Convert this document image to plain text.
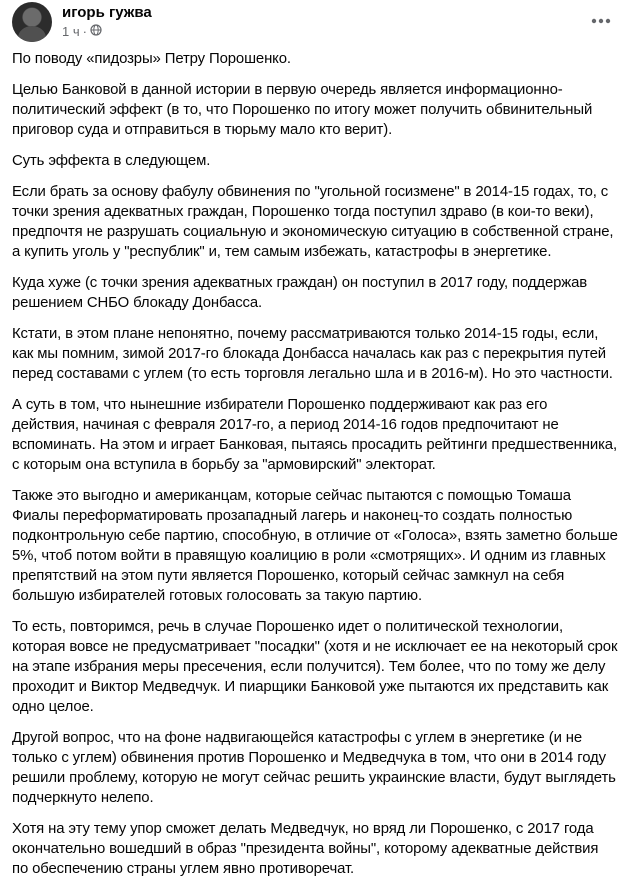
игорь гужва
1 ч ·

По поводу «пидозры» Петру Порошенко.

Целью Банковой в данной истории в первую очередь является информационно-политический эффект (в то, что Порошенко по итогу может получить обвинительный приговор суда и отправиться в тюрьму мало кто верит).

Суть эффекта в следующем.

Если брать за основу фабулу обвинения по "угольной госизмене" в 2014-15 годах, то, с точки зрения адекватных граждан, Порошенко тогда поступил здраво (в кои-то веки), предпочтя не разрушать социальную и экономическую ситуацию в собственной стране, а купить уголь у "республик" и, тем самым избежать, катастрофы в энергетике.

Куда хуже (с точки зрения адекватных граждан) он поступил в 2017 году, поддержав решением СНБО блокаду Донбасса.

Кстати, в этом плане непонятно, почему рассматриваются только 2014-15 годы, если, как мы помним, зимой 2017-го блокада Донбасса началась как раз с перекрытия путей перед составами с углем (то есть торговля легально шла и в 2016-м). Но это частности.

А суть в том, что нынешние избиратели Порошенко поддерживают как раз его действия, начиная с февраля 2017-го, а период 2014-16 годов предпочитают не вспоминать. На этом и играет Банковая, пытаясь просадить рейтинги предшественника, с которым она вступила в борьбу за "армовирский" электорат.

Также это выгодно и американцам, которые сейчас пытаются с помощью Томаша Фиалы переформатировать прозападный лагерь и наконец-то создать полностью подконтрольную себе партию, способную, в отличие от «Голоса», взять заметно больше 5%, чтоб потом войти в правящую коалицию в роли «смотрящих». И одним из главных препятствий на этом пути является Порошенко, который сейчас замкнул на себя большую избирателей готовых голосовать за такую партию.

То есть, повторимся, речь в случае Порошенко идет о политической технологии, которая вовсе не предусматривает "посадки" (хотя и не исключает ее на некоторый срок на этапе избрания меры пресечения, если получится). Тем более, что по тому же делу проходит и Виктор Медведчук. И пиарщики Банковой уже пытаются их представить как одно целое.

Другой вопрос, что на фоне надвигающейся катастрофы с углем в энергетике (и не только с углем) обвинения против Порошенко и Медведчука в том, что они в 2014 году решили проблему, которую не могут сейчас решить украинские власти, будут выглядеть подчеркнуто нелепо.

Хотя на эту тему упор сможет делать Медведчук, но вряд ли Порошенко, с 2017 года окончательно вошедший в образ "президента войны", которому адекватные действия по обеспечению страны углем явно противоречат.
